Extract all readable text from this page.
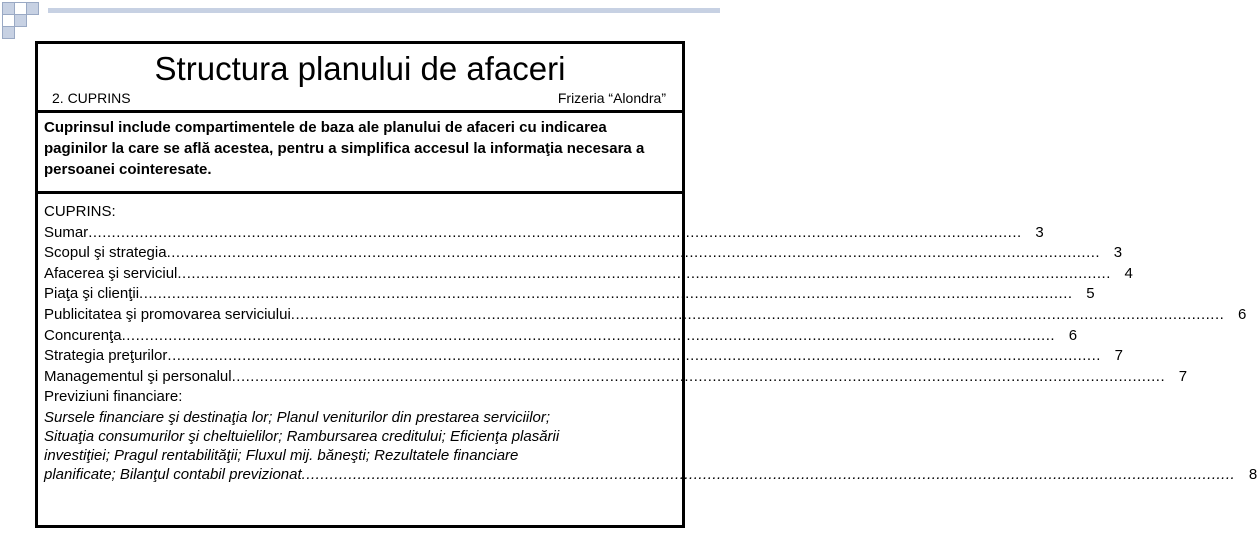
Structura planului de afaceri
2. CUPRINS	Frizeria “Alondra”
Cuprinsul include compartimentele de baza ale planului de afaceri cu indicarea paginilor la care se află acestea, pentru a simplifica accesul la informaţia necesara a persoanei cointeresate.
CUPRINS:
Sumar ........................................................................................................................................................................................................ 3
Scopul şi strategia ........................................................................................................................................................................................................ 3
Afacerea şi serviciul ........................................................................................................................................................................................................ 4
Piaţa şi clienţii ........................................................................................................................................................................................................ 5
Publicitatea şi promovarea serviciului ........................................................................................................................................................................................................ 6
Concurenţa ........................................................................................................................................................................................................ 6
Strategia preţurilor ........................................................................................................................................................................................................ 7
Managementul şi personalul ........................................................................................................................................................................................................ 7
Previziuni financiare:
Sursele financiare şi destinaţia lor; Planul veniturilor din prestarea serviciilor;
Situaţia consumurilor şi cheltuielilor; Rambursarea creditului; Eficienţa plasării
investiţiei; Pragul rentabilităţii; Fluxul mij. băneşti; Rezultatele financiare
planificate; Bilanţul contabil previzionat ........................................................................................................................................................................................................ 8
